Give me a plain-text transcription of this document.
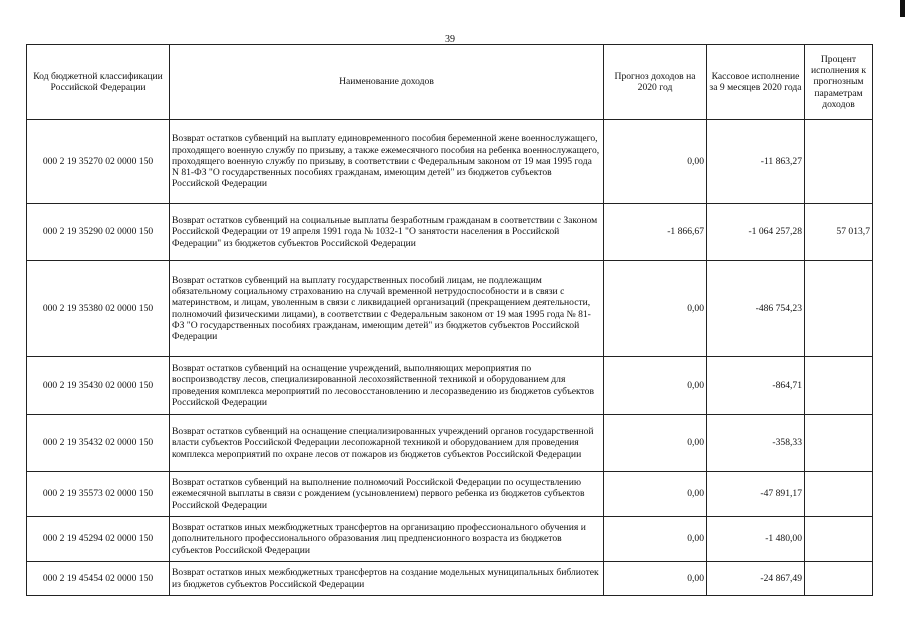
39
Код бюджетной классификации Российской Федерации	Наименование доходов	Прогноз доходов на 2020 год	Кассовое исполнение за 9 месяцев 2020 года	Процент исполнения к прогнозным параметрам доходов
000 2 19 35270 02 0000 150	Возврат остатков субвенций на выплату единовременного пособия беременной жене военнослужащего, проходящего военную службу по призыву, а также ежемесячного пособия на ребенка военнослужащего, проходящего военную службу по призыву, в соответствии с Федеральным законом от 19 мая 1995 года N 81-ФЗ "О государственных пособиях гражданам, имеющим детей" из бюджетов субъектов Российской Федерации	0,00	-11 863,27	
000 2 19 35290 02 0000 150	Возврат остатков субвенций на социальные выплаты безработным гражданам в соответствии с Законом Российской Федерации от 19 апреля 1991 года № 1032-1 "О занятости населения в Российской Федерации" из бюджетов субъектов Российской Федерации	-1 866,67	-1 064 257,28	57 013,7
000 2 19 35380 02 0000 150	Возврат остатков субвенций на выплату государственных пособий лицам, не подлежащим обязательному социальному страхованию на случай временной нетрудоспособности и в связи с материнством, и лицам, уволенным в связи с ликвидацией организаций (прекращением деятельности, полномочий физическими лицами), в соответствии с Федеральным законом от 19 мая 1995 года № 81-ФЗ "О государственных пособиях гражданам, имеющим детей" из бюджетов субъектов Российской Федерации	0,00	-486 754,23	
000 2 19 35430 02 0000 150	Возврат остатков субвенций на оснащение учреждений, выполняющих мероприятия по воспроизводству лесов, специализированной лесохозяйственной техникой и оборудованием для проведения комплекса мероприятий по лесовосстановлению и лесоразведению из бюджетов субъектов Российской Федерации	0,00	-864,71	
000 2 19 35432 02 0000 150	Возврат остатков субвенций на оснащение специализированных учреждений органов государственной власти субъектов Российской Федерации лесопожарной техникой и оборудованием для проведения комплекса мероприятий по охране лесов от пожаров из бюджетов субъектов Российской Федерации	0,00	-358,33	
000 2 19 35573 02 0000 150	Возврат остатков субвенций на выполнение полномочий Российской Федерации по осуществлению ежемесячной выплаты в связи с рождением (усыновлением) первого ребенка из бюджетов субъектов Российской Федерации	0,00	-47 891,17	
000 2 19 45294 02 0000 150	Возврат остатков иных межбюджетных трансфертов на организацию профессионального обучения и дополнительного профессионального образования лиц предпенсионного возраста из бюджетов субъектов Российской Федерации	0,00	-1 480,00	
000 2 19 45454 02 0000 150	Возврат остатков иных межбюджетных трансфертов на создание модельных муниципальных библиотек из бюджетов субъектов Российской Федерации	0,00	-24 867,49	
